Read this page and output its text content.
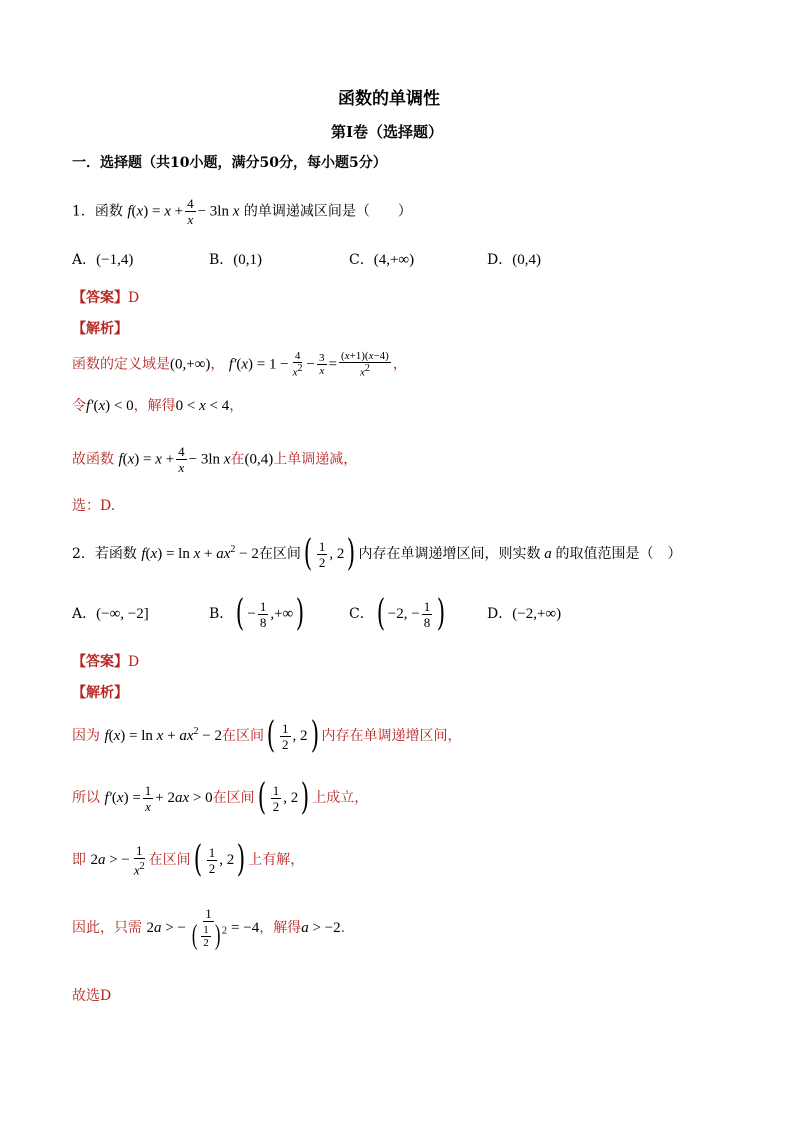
函数的单调性
第Ⅰ卷（选择题）
一．选择题（共10小题，满分50分，每小题5分）
1．函数 $f(x) = x + \frac{4}{x} - 3\ln$ x 的单调递减区间是（　　）
A．(−1,4)	B．(0,1)	C．(4,+∞)	D．(0,4)
【答案】D
【解析】
函数的定义域是(0,+∞)， $f'(x) = 1 - \frac{4}{x2} - \frac{3}{x} = \frac{(x+1)(x-4)}{x2}$ ，
令f′(x) < 0，解得0 < x < 4，
故函数 $f(x) = x + \frac{4}{x} - 3\ln$ x在(0,4)上单调递减，
选：D.
2．若函数 $f(x) = \ln x + ax^2 - 2$在区间( $\frac{1}{2}$ , 2) 内存在单调递增区间，则实数 a 的取值范围是（　）
A．(−∞, −2]	B．( − $\frac{1}{8}$ ,+∞)	C．( −2, − $\frac{1}{8}$ )	D．(−2,+∞)
【答案】D
【解析】
因为 $f(x) = \ln x + ax^2 - 2$在区间( $\frac{1}{2}$ , 2) 内存在单调递增区间，
所以 $f'(x) = \frac{1}{x} + 2ax > 0$在区间( $\frac{1}{2}$ , 2) 上成立，
即 2a > − $\frac{1}{x^2}$ 在区间( $\frac{1}{2}$ , 2) 上有解，
因此，只需 2a > − $\frac{1}{( \frac{1}{2} ) ^2} = -4$，解得a > −2.
故选D
